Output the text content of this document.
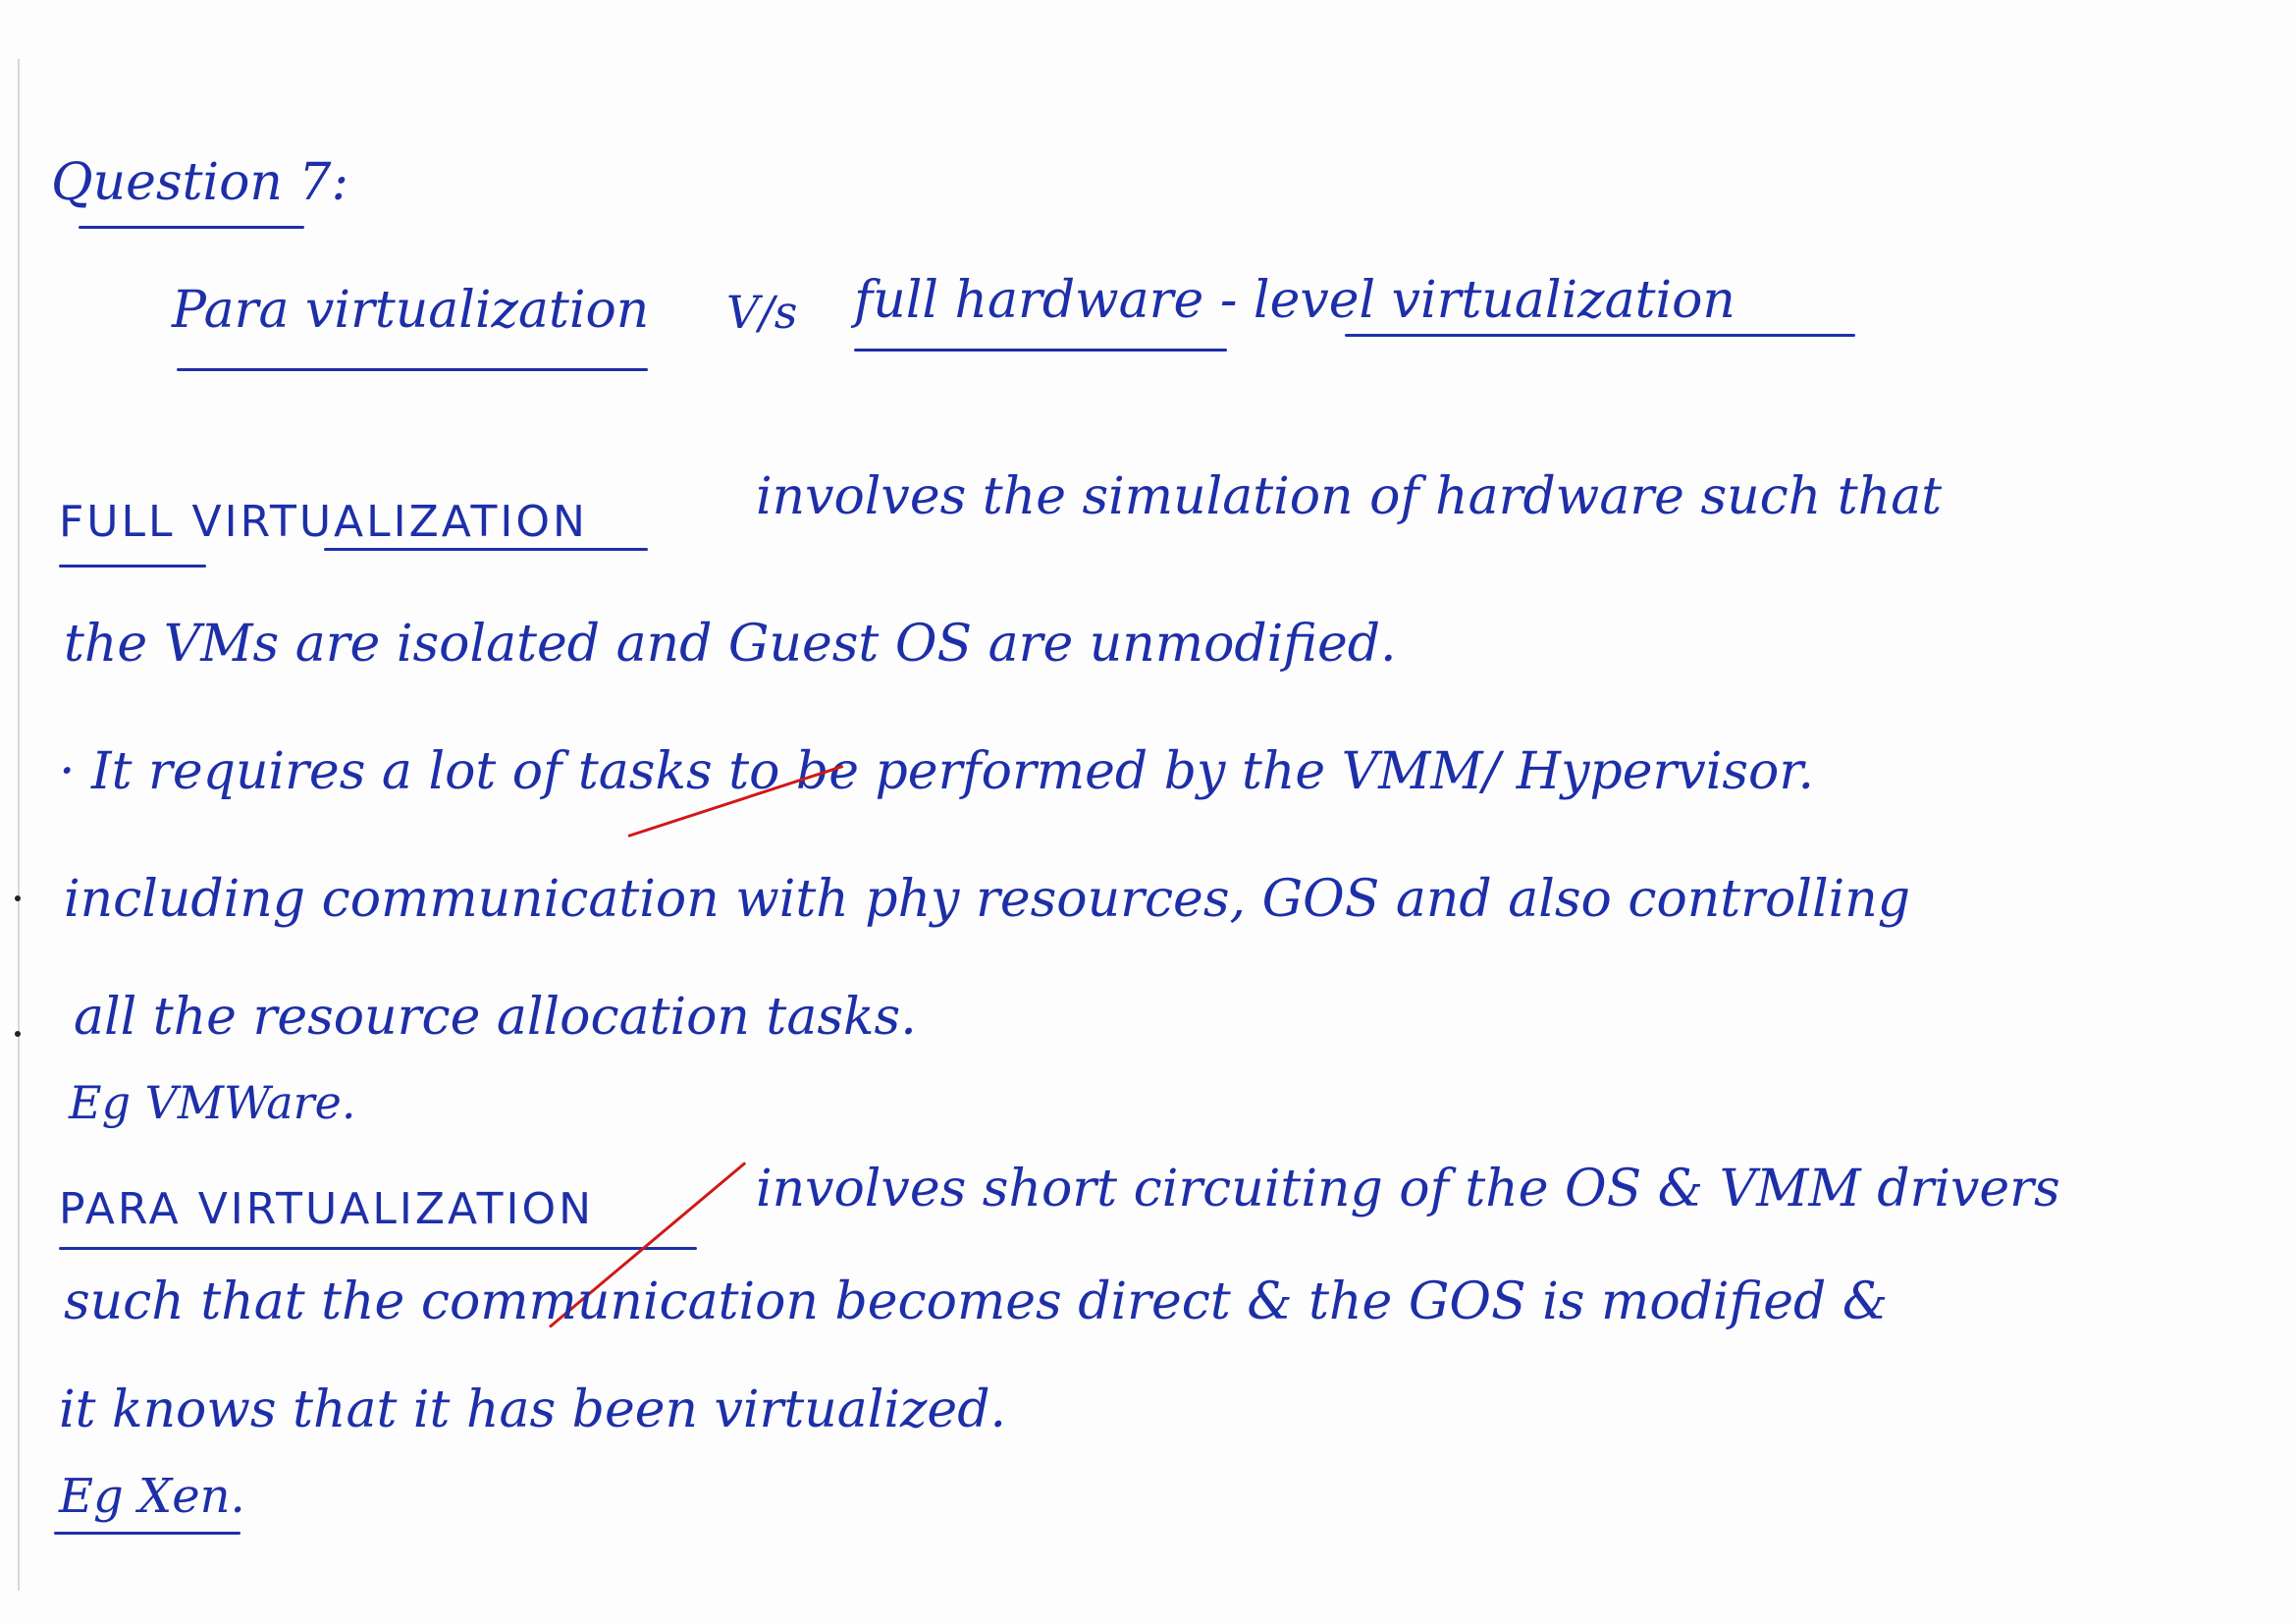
Question 7:
Para virtualization V/s full hardware - level virtualization
FULL VIRTUALIZATION	involves the simulation of hardware such that
the VMs are isolated and Guest OS are unmodified.
· It requires a lot of tasks to be performed by the VMM/ Hypervisor.
including communication with phy resources, GOS and also controlling
all the resource allocation tasks.
Eg VMWare.
PARA VIRTUALIZATION	involves short circuiting of the OS & VMM drivers
such that the communication becomes direct & the GOS is modified &
it knows that it has been virtualized.
Eg Xen.
